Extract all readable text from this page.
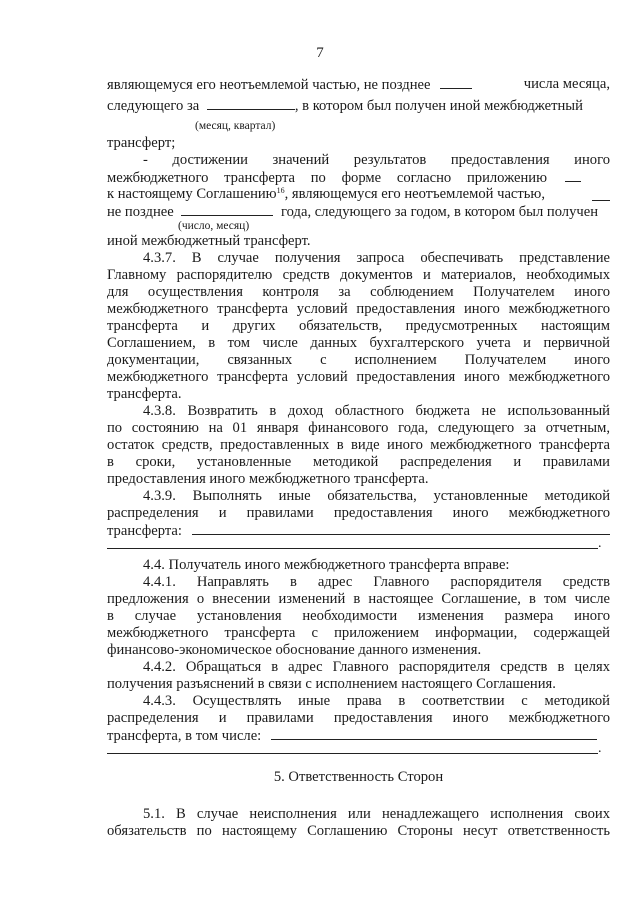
7
являющемуся его неотъемлемой частью, не позднее	числа месяца,
следующего за	, в котором был получен иной межбюджетный
(месяц, квартал)
трансферт;
- достижении значений результатов предоставления иного
межбюджетного трансферта по форме согласно приложению
к настоящему Соглашению$^{16}$, являющемуся его неотъемлемой частью,
не позднее	года, следующего за годом, в котором был получен
(число, месяц)
иной межбюджетный трансферт.
4.3.7. В случае получения запроса обеспечивать представление
Главному распорядителю средств документов и материалов, необходимых
для осуществления контроля за соблюдением Получателем иного
межбюджетного трансферта условий предоставления иного межбюджетного
трансферта и других обязательств, предусмотренных настоящим
Соглашением, в том числе данных бухгалтерского учета и первичной
документации, связанных с исполнением Получателем иного
межбюджетного трансферта условий предоставления иного межбюджетного
трансферта.
4.3.8. Возвратить в доход областного бюджета не использованный
по состоянию на 01 января финансового года, следующего за отчетным,
остаток средств, предоставленных в виде иного межбюджетного трансферта
в сроки, установленные методикой распределения и правилами
предоставления иного межбюджетного трансферта.
4.3.9. Выполнять иные обязательства, установленные методикой
распределения и правилами предоставления иного межбюджетного
трансферта:
.
4.4. Получатель иного межбюджетного трансферта вправе:
4.4.1. Направлять в адрес Главного распорядителя средств
предложения о внесении изменений в настоящее Соглашение, в том числе
в случае установления необходимости изменения размера иного
межбюджетного трансферта с приложением информации, содержащей
финансово-экономическое обоснование данного изменения.
4.4.2. Обращаться в адрес Главного распорядителя средств в целях
получения разъяснений в связи с исполнением настоящего Соглашения.
4.4.3. Осуществлять иные права в соответствии с методикой
распределения и правилами предоставления иного межбюджетного
трансферта, в том числе:
.
5. Ответственность Сторон
5.1. В случае неисполнения или ненадлежащего исполнения своих
обязательств по настоящему Соглашению Стороны несут ответственность
